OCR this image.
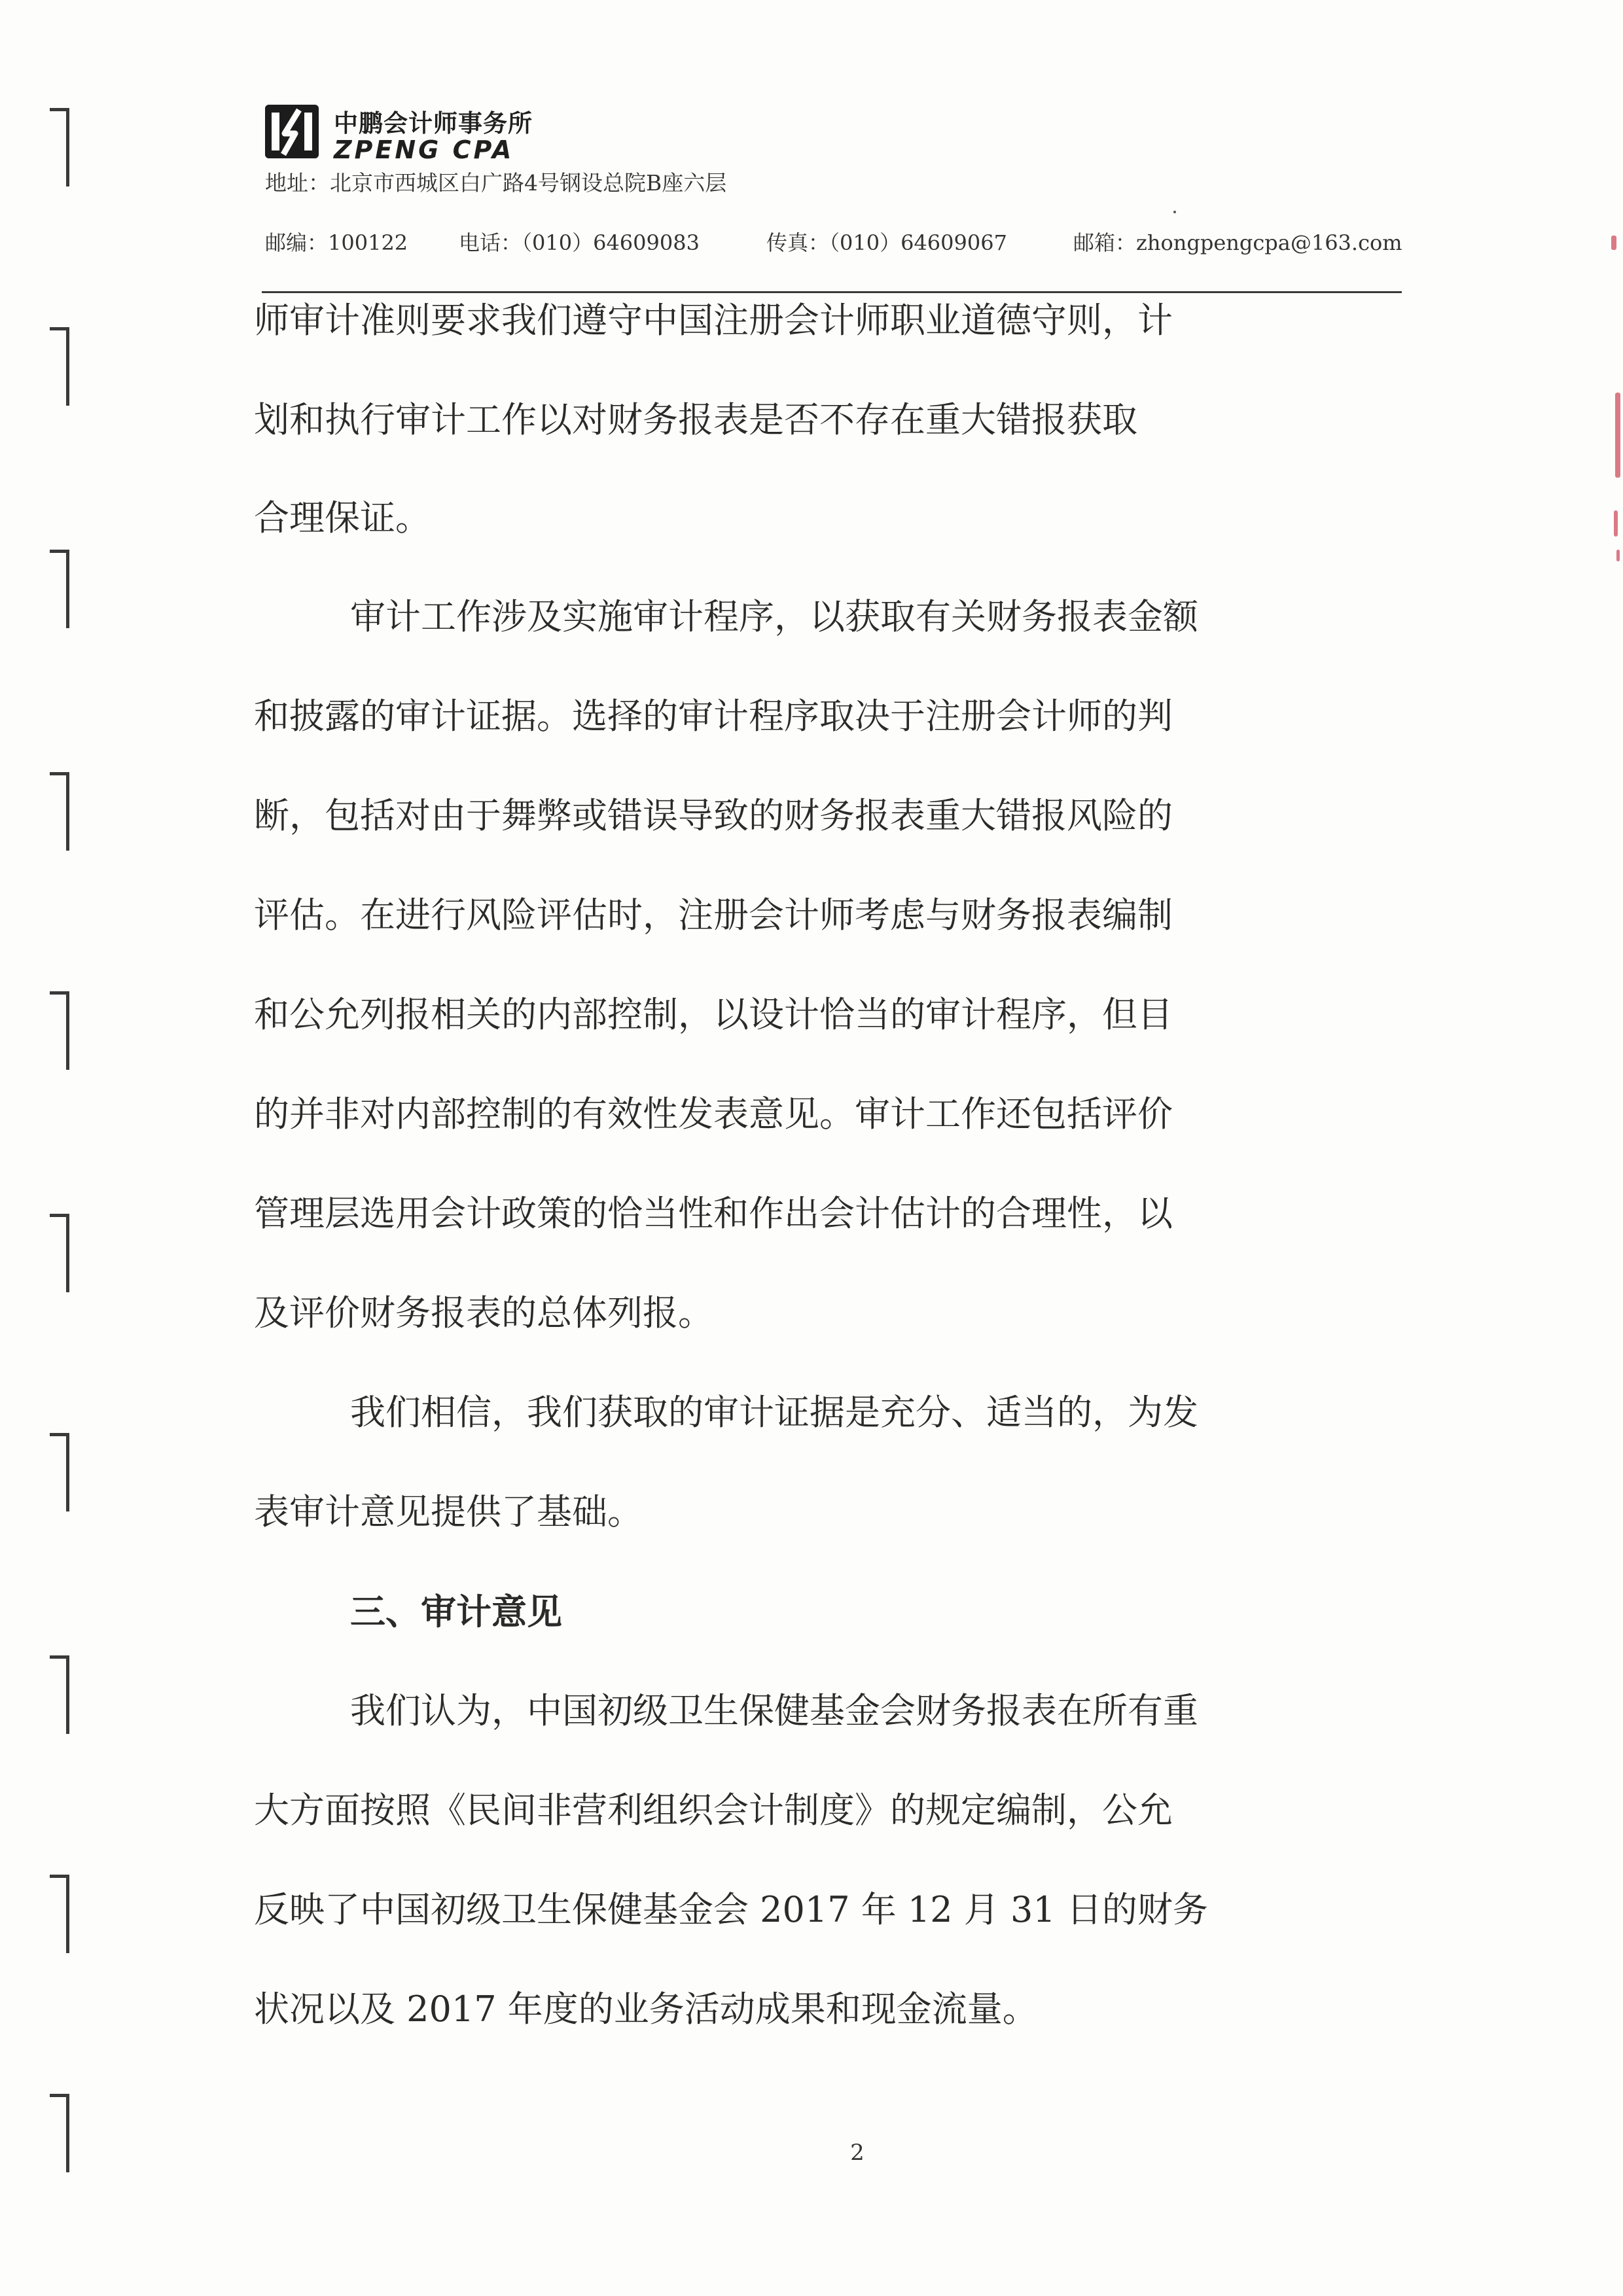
中鹏会计师事务所
ZPENG CPA
地址：北京市西城区白广路4号钢设总院B座六层
邮编：100122 电话：（010）64609083	传真：（010）64609067	邮箱：zhongpengcpa@163.com
师审计准则要求我们遵守中国注册会计师职业道德守则，计
划和执行审计工作以对财务报表是否不存在重大错报获取
合理保证。
审计工作涉及实施审计程序，以获取有关财务报表金额
和披露的审计证据。选择的审计程序取决于注册会计师的判
断，包括对由于舞弊或错误导致的财务报表重大错报风险的
评估。在进行风险评估时，注册会计师考虑与财务报表编制
和公允列报相关的内部控制，以设计恰当的审计程序，但目
的并非对内部控制的有效性发表意见。审计工作还包括评价
管理层选用会计政策的恰当性和作出会计估计的合理性，以
及评价财务报表的总体列报。
我们相信，我们获取的审计证据是充分、适当的，为发
表审计意见提供了基础。
三、审计意见
我们认为，中国初级卫生保健基金会财务报表在所有重
大方面按照《民间非营利组织会计制度》的规定编制，公允
反映了中国初级卫生保健基金会 2017 年 12 月 31 日的财务
状况以及 2017 年度的业务活动成果和现金流量。
2
